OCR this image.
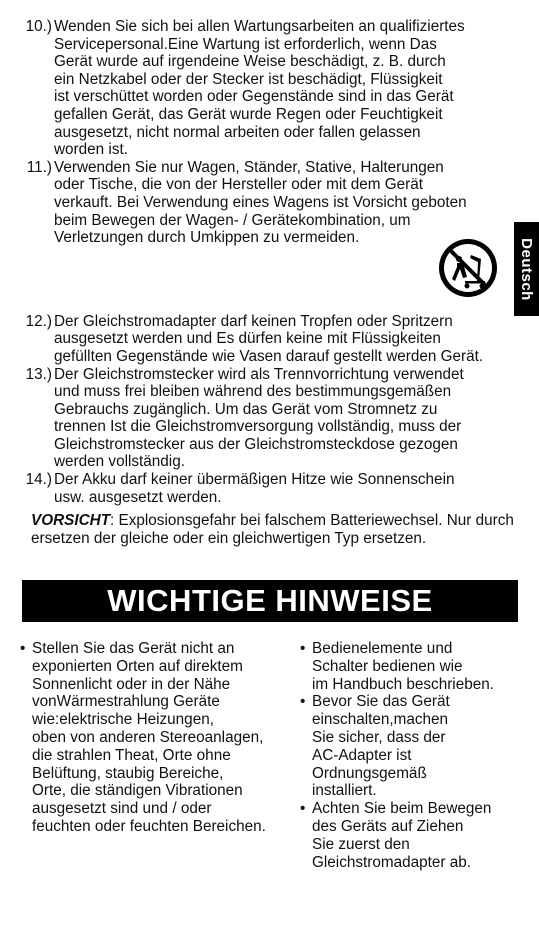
10.) Wenden Sie sich bei allen Wartungsarbeiten an qualifiziertes
Servicepersonal.Eine Wartung ist erforderlich, wenn Das
Gerät wurde auf irgendeine Weise beschädigt, z. B. durch
ein Netzkabel oder der Stecker ist beschädigt, Flüssigkeit
ist verschüttet worden oder Gegenstände sind in das Gerät
gefallen Gerät, das Gerät wurde Regen oder Feuchtigkeit
ausgesetzt, nicht normal arbeiten oder fallen gelassen
worden ist.
11.) Verwenden Sie nur Wagen, Ständer, Stative, Halterungen
oder Tische, die von der Hersteller oder mit dem Gerät
verkauft. Bei Verwendung eines Wagens ist Vorsicht geboten
beim Bewegen der Wagen- / Gerätekombination, um
Verletzungen durch Umkippen zu vermeiden.
12.) Der Gleichstromadapter darf keinen Tropfen oder Spritzern
ausgesetzt werden und Es dürfen keine mit Flüssigkeiten
gefüllten Gegenstände wie Vasen darauf gestellt werden Gerät.
13.) Der Gleichstromstecker wird als Trennvorrichtung verwendet
und muss frei bleiben während des bestimmungsgemäßen
Gebrauchs zugänglich. Um das Gerät vom Stromnetz zu
trennen Ist die Gleichstromversorgung vollständig, muss der
Gleichstromstecker aus der Gleichstromsteckdose gezogen
werden vollständig.
14.) Der Akku darf keiner übermäßigen Hitze wie Sonnenschein
usw. ausgesetzt werden.
VORSICHT: Explosionsgefahr bei falschem Batteriewechsel. Nur durch ersetzen der gleiche oder ein gleichwertigen Typ ersetzen.
Deutsch
WICHTIGE HINWEISE
• Stellen Sie das Gerät nicht an
exponierten Orten auf direktem
Sonnenlicht oder in der Nähe
vonWärmestrahlung Geräte
wie:elektrische Heizungen,
oben von anderen Stereoanlagen,
die strahlen Theat, Orte ohne
Belüftung, staubig Bereiche,
Orte, die ständigen Vibrationen
ausgesetzt sind und / oder
feuchten oder feuchten Bereichen.
• Bedienelemente und
Schalter bedienen wie
im Handbuch beschrieben.
• Bevor Sie das Gerät
einschalten,machen
Sie sicher, dass der
AC-Adapter ist
Ordnungsgemäß
installiert.
• Achten Sie beim Bewegen
des Geräts auf Ziehen
Sie zuerst den
Gleichstromadapter ab.
